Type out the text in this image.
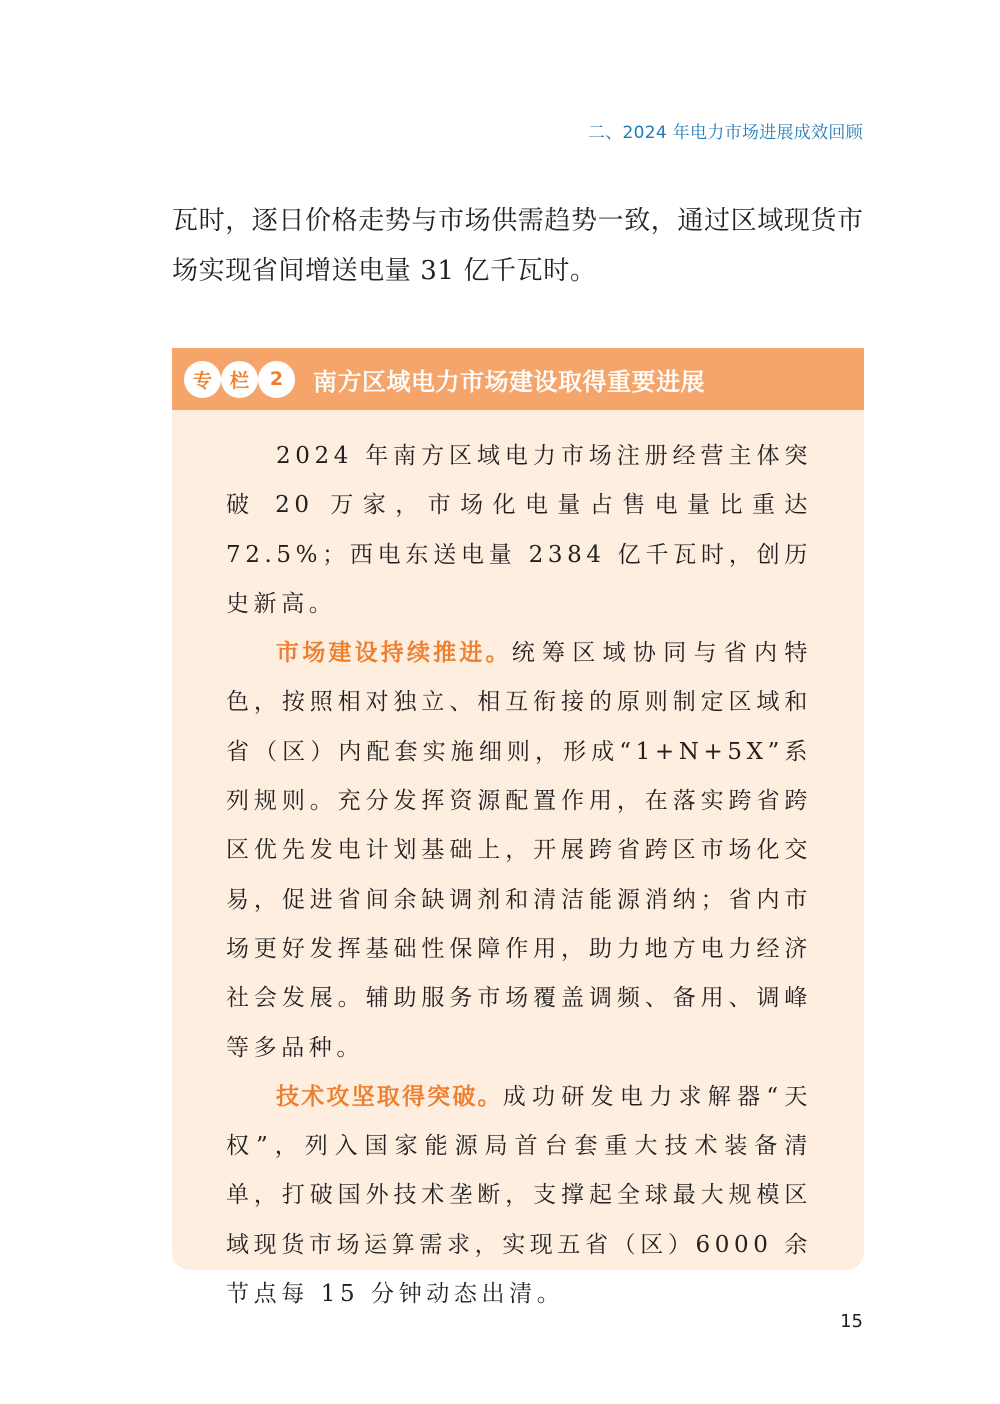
二、2024 年电力市场进展成效回顾

瓦时，逐日价格走势与市场供需趋势一致，通过区域现货市

场实现省间增送电量 31 亿千瓦时。

专 栏	2	南方区域电力市场建设取得重要进展

2024 年南方区域电力市场注册经营主体突破 20 万家，市场化电量占售电量比重达 72.5%；西电东送电量 2384 亿千瓦时，创历史新高。

市场建设持续推进。统筹区域协同与省内特色，按照相对独立、相互衔接的原则制定区域和省（区）内配套实施细则，形成“1+N+5X”系列规则。充分发挥资源配置作用，在落实跨省跨区优先发电计划基础上，开展跨省跨区市场化交易，促进省间余缺调剂和清洁能源消纳；省内市场更好发挥基础性保障作用，助力地方电力经济社会发展。辅助服务市场覆盖调频、备用、调峰等多品种。

技术攻坚取得突破。成功研发电力求解器“天权”，列入国家能源局首台套重大技术装备清单，打破国外技术垄断，支撑起全球最大规模区域现货市场运算需求，实现五省（区）6000 余节点每 15 分钟动态出清。

15
